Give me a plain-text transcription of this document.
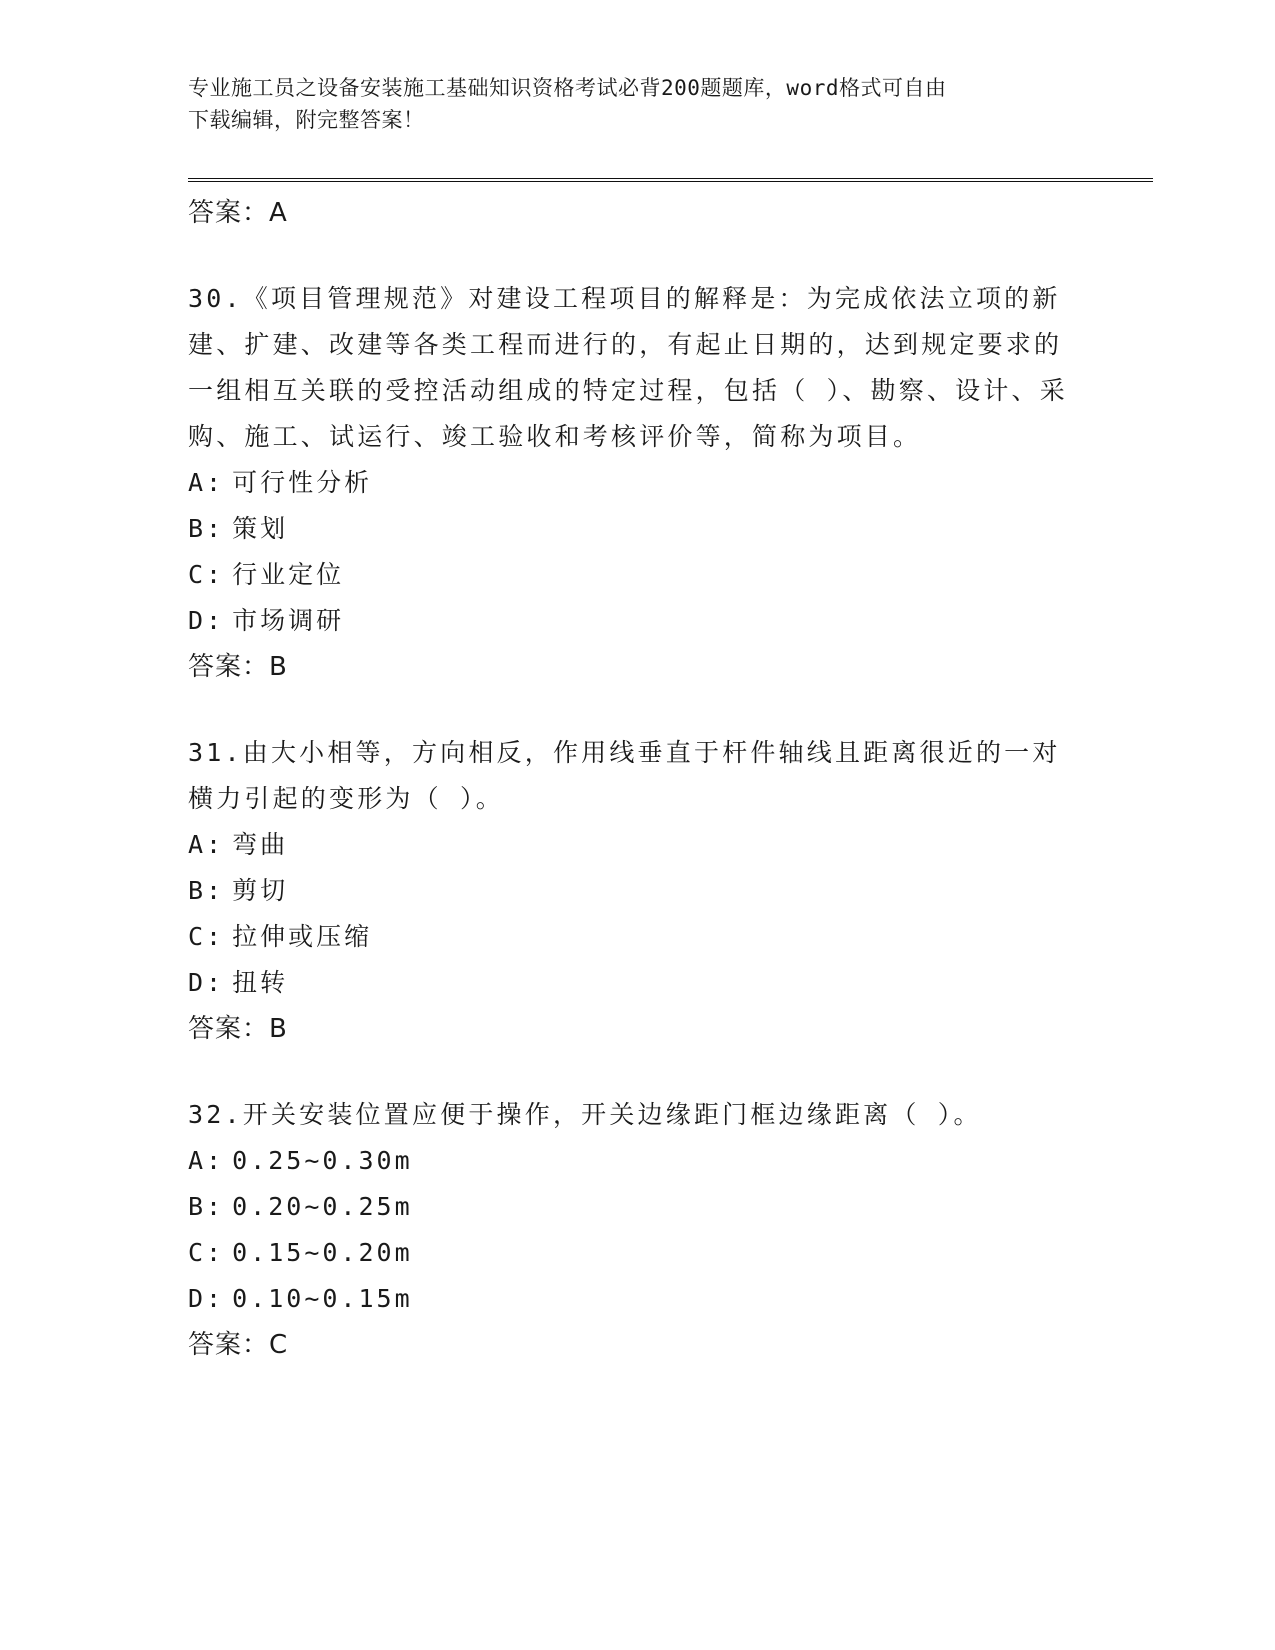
专业施工员之设备安装施工基础知识资格考试必背200题题库，word格式可自由
下载编辑，附完整答案！
答案：A
30.《项目管理规范》对建设工程项目的解释是：为完成依法立项的新建、扩建、改建等各类工程而进行的，有起止日期的，达到规定要求的一组相互关联的受控活动组成的特定过程，包括（ ）、勘察、设计、采购、施工、试运行、竣工验收和考核评价等，简称为项目。
A: 可行性分析
B: 策划
C: 行业定位
D: 市场调研
答案：B
31.由大小相等，方向相反，作用线垂直于杆件轴线且距离很近的一对横力引起的变形为（ ）。
A: 弯曲
B: 剪切
C: 拉伸或压缩
D: 扭转
答案：B
32.开关安装位置应便于操作，开关边缘距门框边缘距离（ ）。
A: 0.25~0.30m
B: 0.20~0.25m
C: 0.15~0.20m
D: 0.10~0.15m
答案：C
